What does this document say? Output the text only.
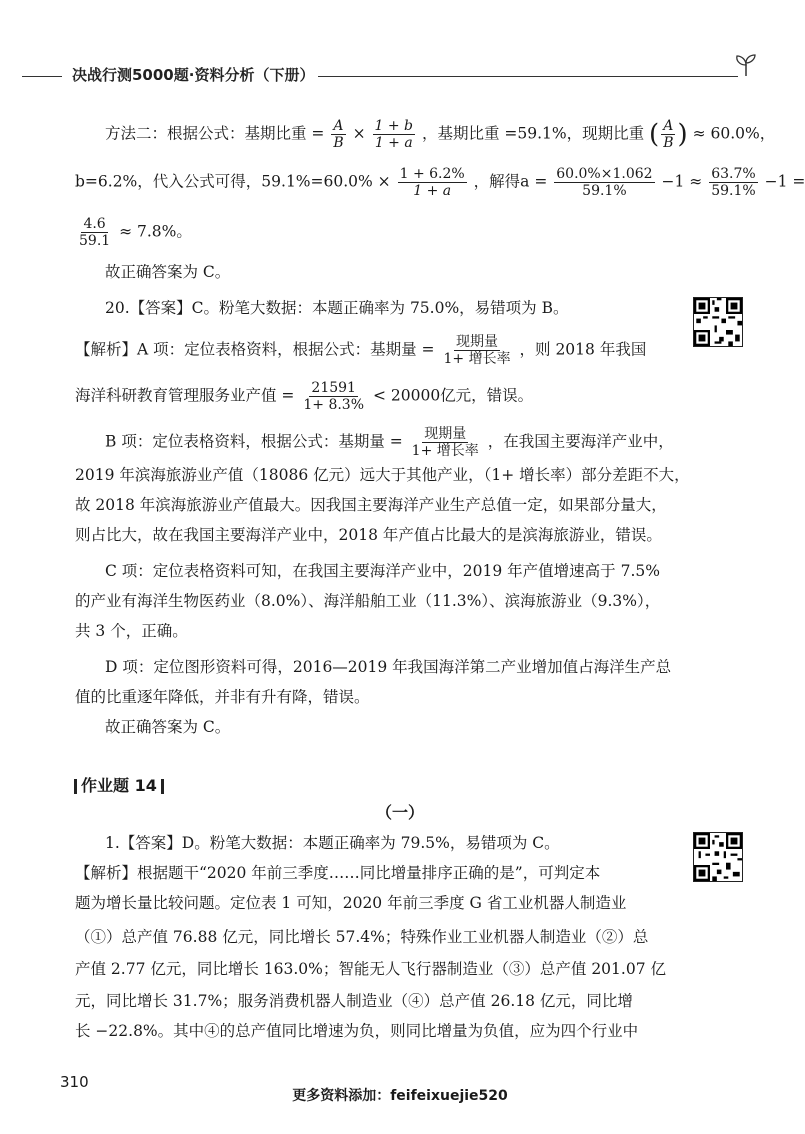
决战行测5000题·资料分析（下册）
方法二：根据公式：基期比重 = $\frac{A}{B} \times \frac{1 + b}{1 + a}$ ，基期比重 =59.1%，现期比重 ( $\frac{A}{B}$ ) ≈ 60.0%，
b=6.2%，代入公式可得，$59.1\%=60.0\% \times \frac{1 + 6.2\%}{1 + a}$ ，解得$a = \frac{60.0\%\times 1.062}{59.1\%} -1 \approx \frac{63.7\%}{59.1\%} -1$ =
$\frac{4.6}{59.1} \approx 7.8\%$。
故正确答案为 C。
20.【答案】C。粉笔大数据：本题正确率为 75.0%，易错项为 B。
【解析】A 项：定位表格资料，根据公式：基期量 = $\frac{\text{现期量}}{\text{1+ 增长率}}$ ，则 2018 年我国
海洋科研教育管理服务业产值 = $\frac{21591}{1+ 8.3\%} < 20000$亿元，错误。
B 项：定位表格资料，根据公式：基期量 = $\frac{\text{现期量}}{\text{1+ 增长率}}$ ，在我国主要海洋产业中，
2019 年滨海旅游业产值（18086 亿元）远大于其他产业，（1+ 增长率）部分差距不大，
故 2018 年滨海旅游业产值最大。因我国主要海洋产业生产总值一定，如果部分量大，
则占比大，故在我国主要海洋产业中，2018 年产值占比最大的是滨海旅游业，错误。
C 项：定位表格资料可知，在我国主要海洋产业中，2019 年产值增速高于 7.5%
的产业有海洋生物医药业（8.0%）、海洋船舶工业（11.3%）、滨海旅游业（9.3%），
共 3 个，正确。
D 项：定位图形资料可得，2016—2019 年我国海洋第二产业增加值占海洋生产总
值的比重逐年降低，并非有升有降，错误。
故正确答案为 C。
作业题 14
（一）
1.【答案】D。粉笔大数据：本题正确率为 79.5%，易错项为 C。
【解析】根据题干“2020 年前三季度……同比增量排序正确的是”，可判定本
题为增长量比较问题。定位表 1 可知，2020 年前三季度 G 省工业机器人制造业
（①）总产值 76.88 亿元，同比增长 57.4%；特殊作业工业机器人制造业（②）总
产值 2.77 亿元，同比增长 163.0%；智能无人飞行器制造业（③）总产值 201.07 亿
元，同比增长 31.7%；服务消费机器人制造业（④）总产值 26.18 亿元，同比增
长 −22.8%。其中④的总产值同比增速为负，则同比增量为负值，应为四个行业中
310
更多资料添加：feifeixuejie520
